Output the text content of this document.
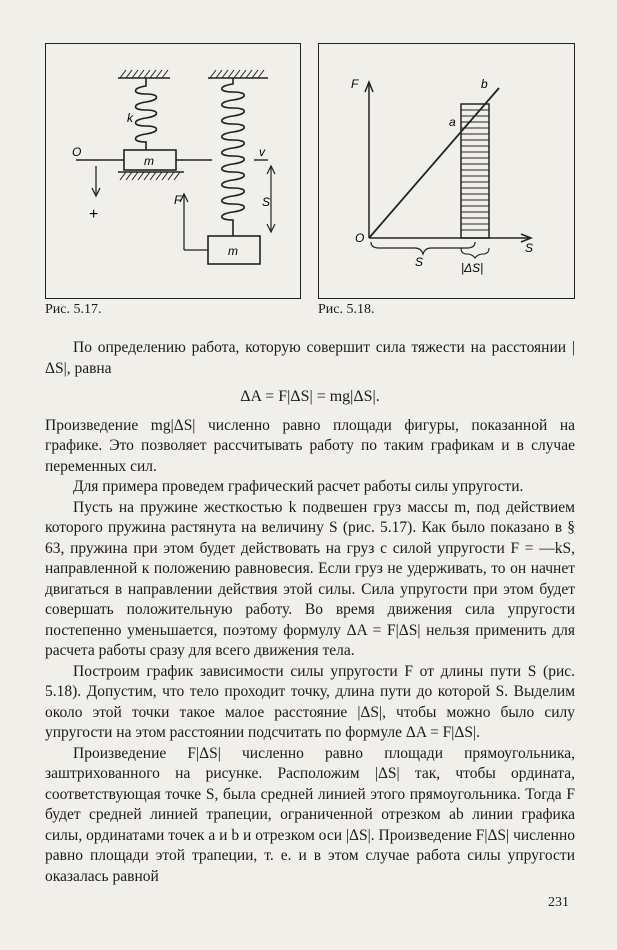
k
O	v
m
m
+
F	S
Рис. 5.17.
F	b
a
O
S
S	|ΔS|
Рис. 5.18.

По определению работа, которую совершит сила тяжести на расстоянии |ΔS|, равна

ΔA = F|ΔS| = mg|ΔS|.

Произведение mg|ΔS| численно равно площади фигуры, показанной на графике. Это позволяет рассчитывать работу по таким графикам и в случае переменных сил.

Для примера проведем графический расчет работы силы упругости.

Пусть на пружине жесткостью k подвешен груз массы m, под действием которого пружина растянута на величину S (рис. 5.17). Как было показано в § 63, пружина при этом будет действовать на груз с силой упругости F = —kS, направленной к положению равновесия. Если груз не удерживать, то он начнет двигаться в направлении действия этой силы. Сила упругости при этом будет совершать положительную работу. Во время движения сила упругости постепенно уменьшается, поэтому формулу ΔA = F|ΔS| нельзя применить для расчета работы сразу для всего движения тела.

Построим график зависимости силы упругости F от длины пути S (рис. 5.18). Допустим, что тело проходит точку, длина пути до которой S. Выделим около этой точки такое малое расстояние |ΔS|, чтобы можно было силу упругости на этом расстоянии подсчитать по формуле ΔA = F|ΔS|.

Произведение F|ΔS| численно равно площади прямоугольника, заштрихованного на рисунке. Расположим |ΔS| так, чтобы ордината, соответствующая точке S, была средней линией этого прямоугольника. Тогда F будет средней линией трапеции, ограниченной отрезком ab линии графика силы, ординатами точек a и b и отрезком оси |ΔS|. Произведение F|ΔS| численно равно площади этой трапеции, т. е. и в этом случае работа силы упругости оказалась равной

231
